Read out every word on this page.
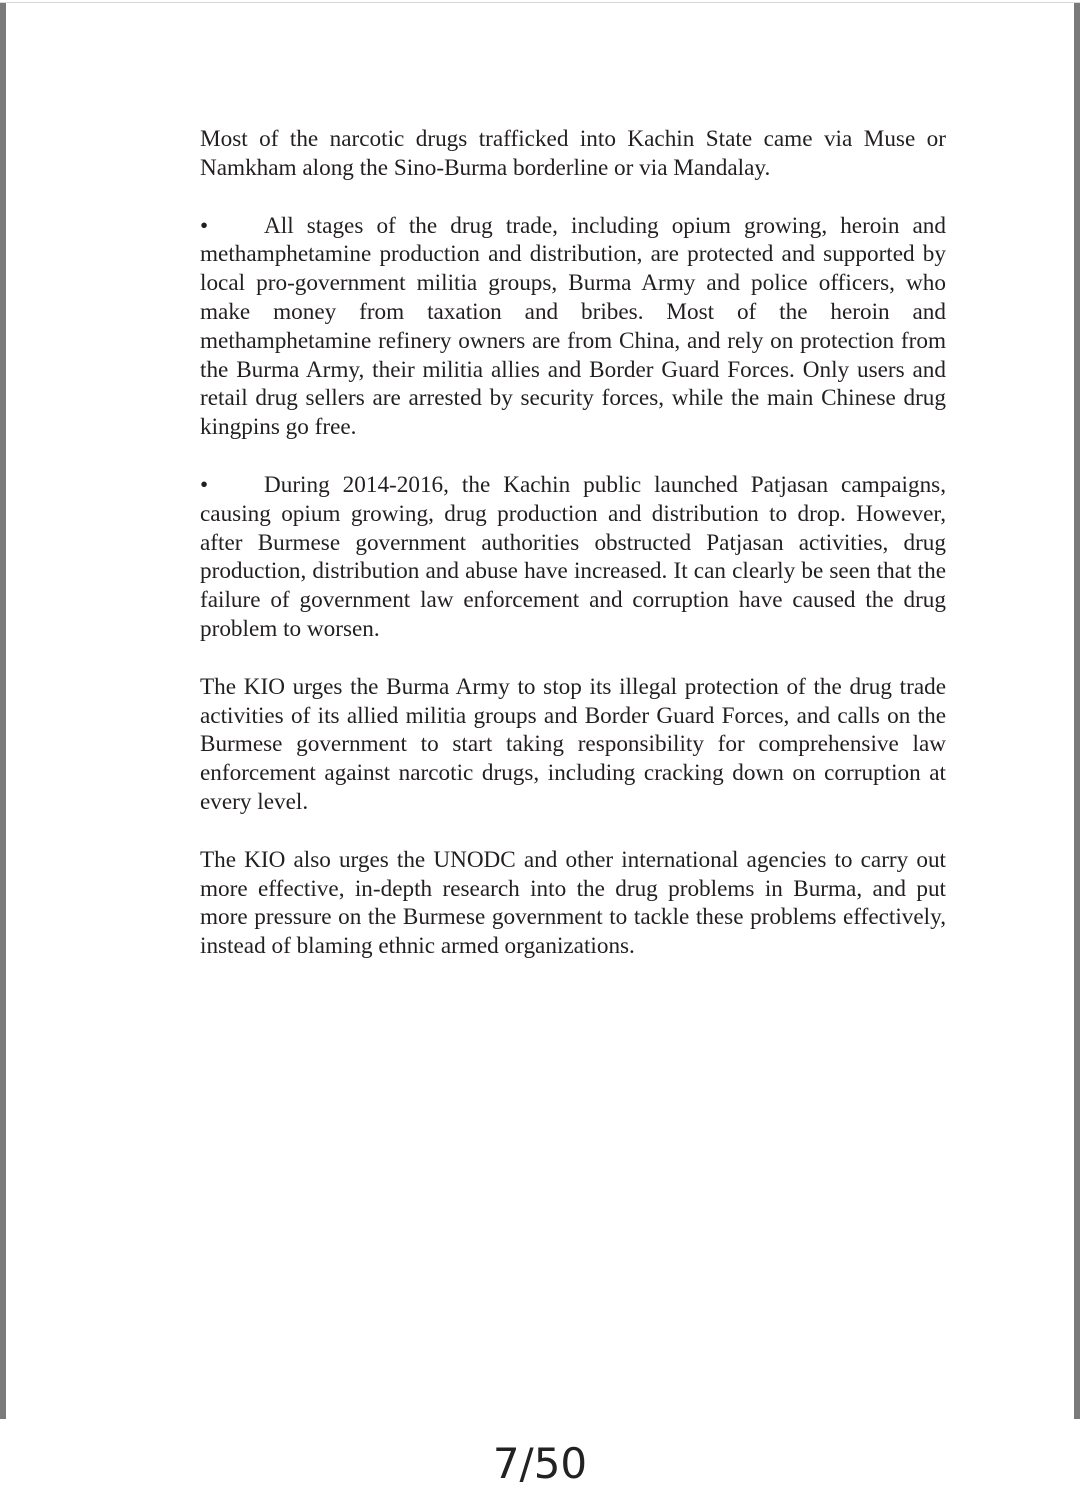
Most of the narcotic drugs trafficked into Kachin State came via Muse or Namkham along the Sino-Burma borderline or via Mandalay.

• All stages of the drug trade, including opium growing, heroin and methamphetamine production and distribution, are protected and supported by local pro-government militia groups, Burma Army and police officers, who make money from taxation and bribes. Most of the heroin and methamphetamine refinery owners are from China, and rely on protection from the Burma Army, their militia allies and Border Guard Forces. Only users and retail drug sellers are arrested by security forces, while the main Chinese drug kingpins go free.

• During 2014-2016, the Kachin public launched Patjasan campaigns, causing opium growing, drug production and distribution to drop. However, after Burmese government authorities obstructed Patjasan activities, drug production, distribution and abuse have increased. It can clearly be seen that the failure of government law enforcement and corruption have caused the drug problem to worsen.

The KIO urges the Burma Army to stop its illegal protection of the drug trade activities of its allied militia groups and Border Guard Forces, and calls on the Burmese government to start taking responsibility for comprehensive law enforcement against narcotic drugs, including cracking down on corruption at every level.

The KIO also urges the UNODC and other international agencies to carry out more effective, in-depth research into the drug problems in Burma, and put more pressure on the Burmese government to tackle these problems effectively, instead of blaming ethnic armed organizations.

7/50
